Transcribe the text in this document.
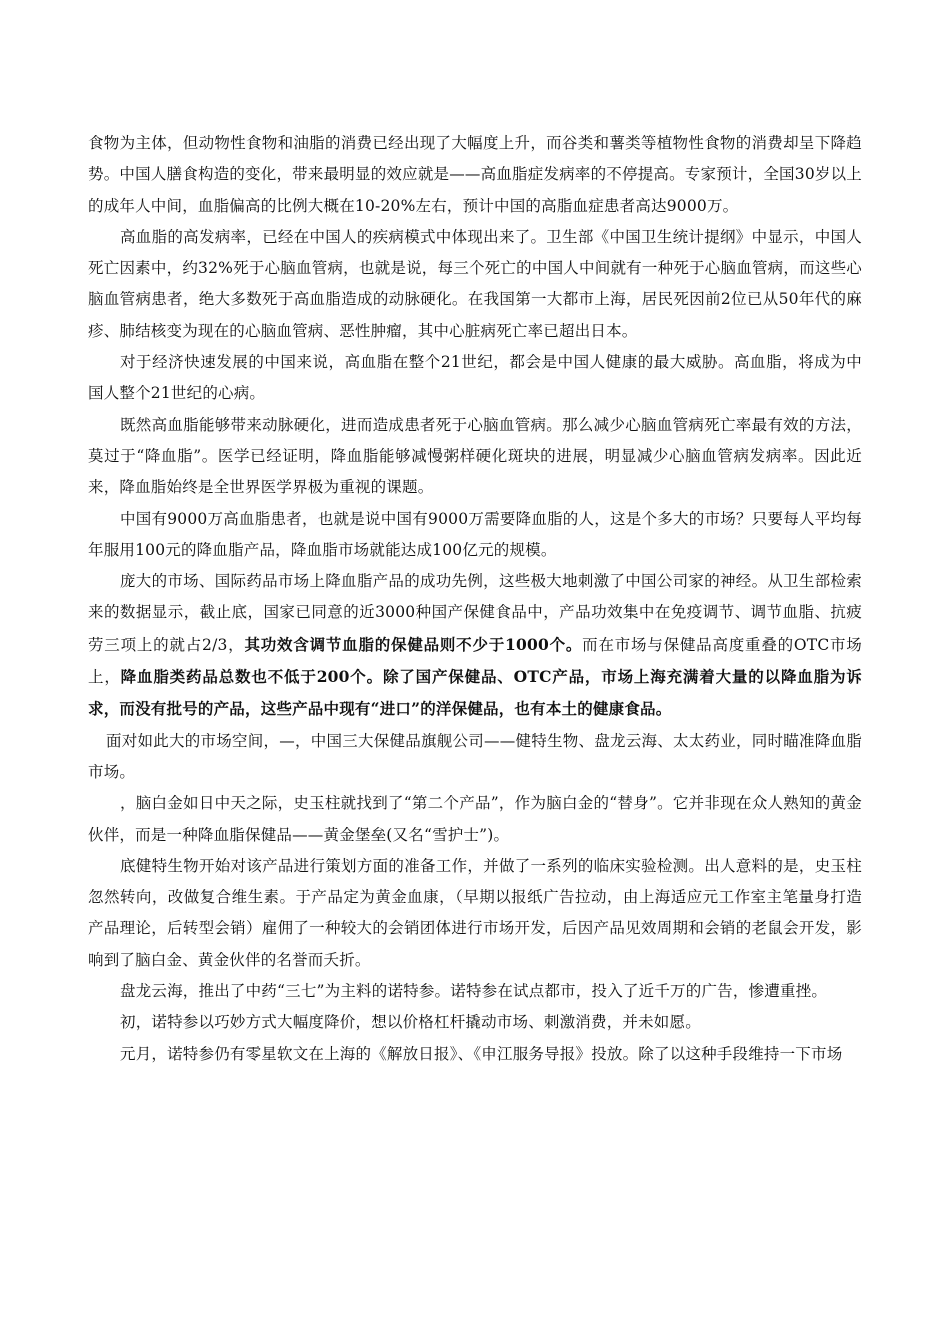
食物为主体，但动物性食物和油脂的消费已经出现了大幅度上升，而谷类和薯类等植物性食物的消费却呈下降趋势。中国人膳食构造的变化，带来最明显的效应就是——高血脂症发病率的不停提高。专家预计，全国30岁以上的成年人中间，血脂偏高的比例大概在10-20%左右，预计中国的高脂血症患者高达9000万。

高血脂的高发病率，已经在中国人的疾病模式中体现出来了。卫生部《中国卫生统计提纲》中显示，中国人死亡因素中，约32%死于心脑血管病，也就是说，每三个死亡的中国人中间就有一种死于心脑血管病，而这些心脑血管病患者，绝大多数死于高血脂造成的动脉硬化。在我国第一大都市上海，居民死因前2位已从50年代的麻疹、肺结核变为现在的心脑血管病、恶性肿瘤，其中心脏病死亡率已超出日本。

对于经济快速发展的中国来说，高血脂在整个21世纪，都会是中国人健康的最大威胁。高血脂，将成为中国人整个21世纪的心病。

既然高血脂能够带来动脉硬化，进而造成患者死于心脑血管病。那么减少心脑血管病死亡率最有效的方法，莫过于“降血脂”。医学已经证明，降血脂能够减慢粥样硬化斑块的进展，明显减少心脑血管病发病率。因此近来，降血脂始终是全世界医学界极为重视的课题。

中国有9000万高血脂患者，也就是说中国有9000万需要降血脂的人，这是个多大的市场？只要每人平均每年服用100元的降血脂产品，降血脂市场就能达成100亿元的规模。

庞大的市场、国际药品市场上降血脂产品的成功先例，这些极大地刺激了中国公司家的神经。从卫生部检索来的数据显示，截止底，国家已同意的近3000种国产保健食品中，产品功效集中在免疫调节、调节血脂、抗疲劳三项上的就占2/3，其功效含调节血脂的保健品则不少于1000个。而在市场与保健品高度重叠的OTC市场上，降血脂类药品总数也不低于200个。除了国产保健品、OTC产品，市场上海充满着大量的以降血脂为诉求，而没有批号的产品，这些产品中现有“进口”的洋保健品，也有本土的健康食品。

面对如此大的市场空间，—，中国三大保健品旗舰公司——健特生物、盘龙云海、太太药业，同时瞄准降血脂市场。

，脑白金如日中天之际，史玉柱就找到了“第二个产品”，作为脑白金的“替身”。它并非现在众人熟知的黄金伙伴，而是一种降血脂保健品——黄金堡垒(又名“雪护士”)。

底健特生物开始对该产品进行策划方面的准备工作，并做了一系列的临床实验检测。出人意料的是，史玉柱忽然转向，改做复合维生素。于产品定为黄金血康，（早期以报纸广告拉动，由上海适应元工作室主笔量身打造产品理论，后转型会销）雇佣了一种较大的会销团体进行市场开发，后因产品见效周期和会销的老鼠会开发，影响到了脑白金、黄金伙伴的名誉而夭折。

盘龙云海，推出了中药“三七”为主料的诺特参。诺特参在试点都市，投入了近千万的广告，惨遭重挫。

初，诺特参以巧妙方式大幅度降价，想以价格杠杆撬动市场、刺激消费，并未如愿。

元月，诺特参仍有零星软文在上海的《解放日报》、《申江服务导报》投放。除了以这种手段维持一下市场
